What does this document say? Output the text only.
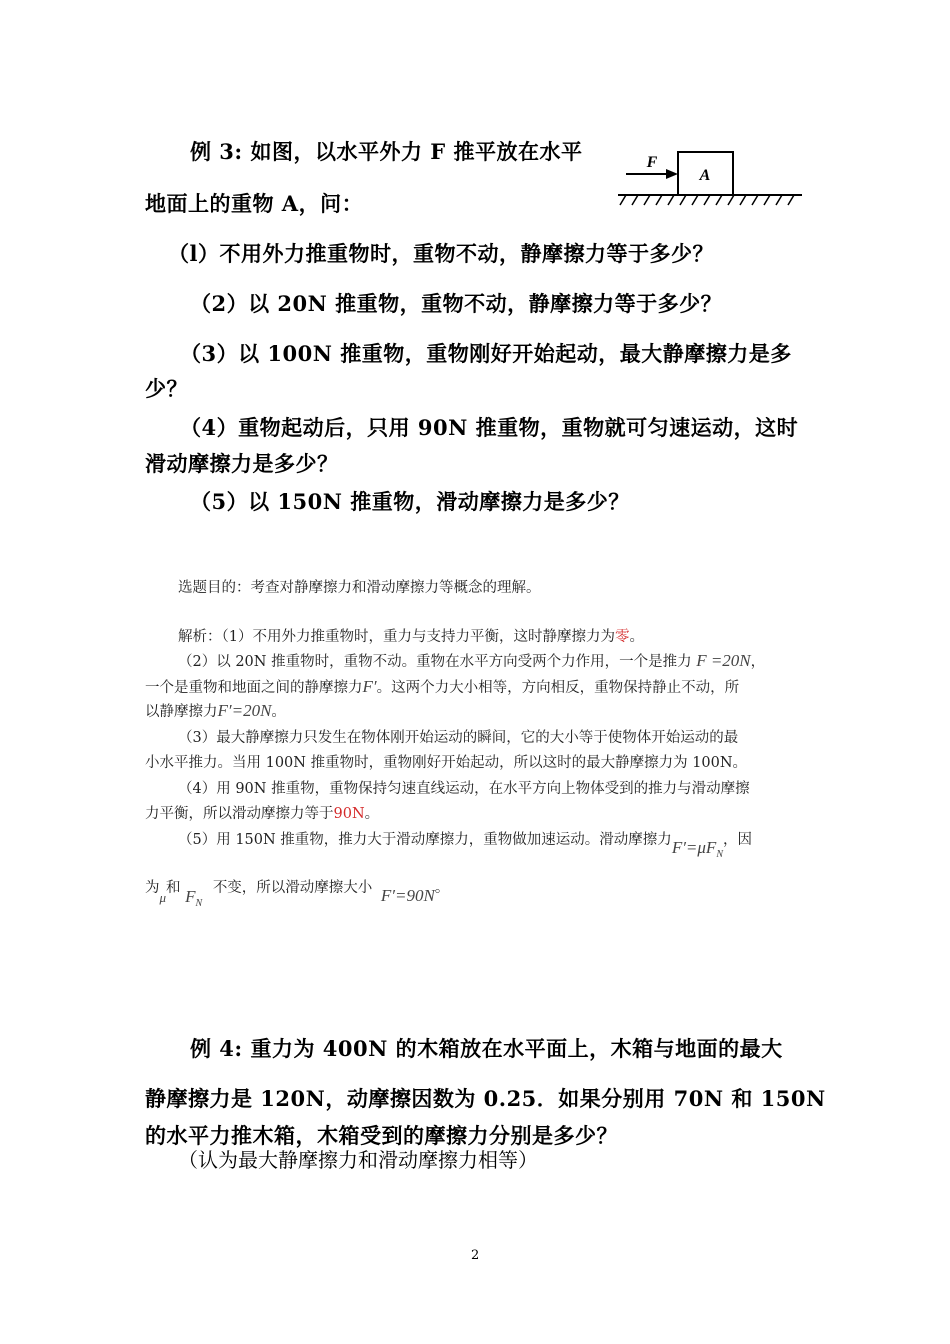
例 3: 如图，以水平外力 F 推平放在水平
地面上的重物 A，问：
A
F
（l）不用外力推重物时，重物不动，静摩擦力等于多少？
（2）以 20N 推重物，重物不动，静摩擦力等于多少？
（3）以 100N 推重物，重物刚好开始起动，最大静摩擦力是多
少？
（4）重物起动后，只用 90N 推重物，重物就可匀速运动，这时
滑动摩擦力是多少？
（5）以 150N 推重物，滑动摩擦力是多少？
选题目的：考查对静摩擦力和滑动摩擦力等概念的理解。
解析：（1）不用外力推重物时，重力与支持力平衡，这时静摩擦力为零。
（2）以 20N 推重物时，重物不动。重物在水平方向受两个力作用，一个是推力 F =20N，
一个是重物和地面之间的静摩擦力F′。这两个力大小相等，方向相反，重物保持静止不动，所
以静摩擦力F′=20N。
（3）最大静摩擦力只发生在物体刚开始运动的瞬间，它的大小等于使物体开始运动的最
小水平推力。当用 100N 推重物时，重物刚好开始起动，所以这时的最大静摩擦力为 100N。
（4）用 90N 推重物，重物保持匀速直线运动，在水平方向上物体受到的推力与滑动摩擦
力平衡，所以滑动摩擦力等于90N。
（5）用 150N 推重物，推力大于滑动摩擦力，重物做加速运动。滑动摩擦力$F'=\mu F_N$，因
为μ和 $F_N$ 不变，所以滑动摩擦大小 F′=90N。
例 4: 重力为 400N 的木箱放在水平面上，木箱与地面的最大
静摩擦力是 120N，动摩擦因数为 0.25．如果分别用 70N 和 150N
的水平力推木箱，木箱受到的摩擦力分别是多少？
（认为最大静摩擦力和滑动摩擦力相等）
2
